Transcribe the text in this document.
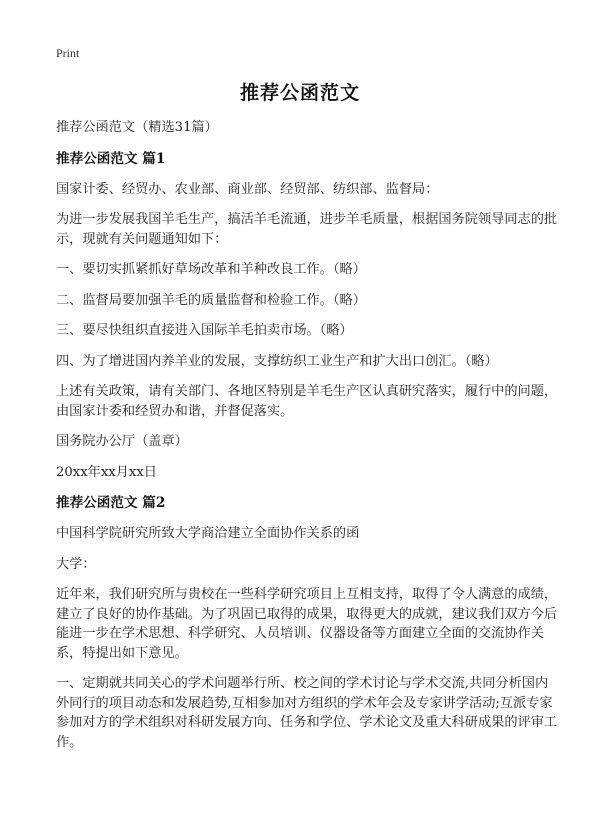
Print
推荐公函范文

推荐公函范文（精选31篇）

推荐公函范文 篇1

国家计委、经贸办、农业部、商业部、经贸部、纺织部、监督局：

为进一步发展我国羊毛生产，搞活羊毛流通，进步羊毛质量，根据国务院领导同志的批示，现就有关问题通知如下：

一、要切实抓紧抓好草场改革和羊种改良工作。（略）

二、监督局要加强羊毛的质量监督和检验工作。（略）

三、要尽快组织直接进入国际羊毛拍卖市场。（略）

四、为了增进国内养羊业的发展，支撑纺织工业生产和扩大出口创汇。（略）

上述有关政策，请有关部门、各地区特别是羊毛生产区认真研究落实，履行中的问题，由国家计委和经贸办和谐，并督促落实。

国务院办公厅（盖章）

20xx年xx月xx日

推荐公函范文 篇2

中国科学院研究所致大学商洽建立全面协作关系的函

大学：

近年来，我们研究所与贵校在一些科学研究项目上互相支持，取得了令人满意的成绩，建立了良好的协作基础。为了巩固已取得的成果，取得更大的成就，建议我们双方今后能进一步在学术思想、科学研究、人员培训、仪器设备等方面建立全面的交流协作关系，特提出如下意见。

一、定期就共同关心的学术问题举行所、校之间的学术讨论与学术交流,共同分析国内外同行的项目动态和发展趋势,互相参加对方组织的学术年会及专家讲学活动;互派专家参加对方的学术组织对科研发展方向、任务和学位、学术论文及重大科研成果的评审工作。
